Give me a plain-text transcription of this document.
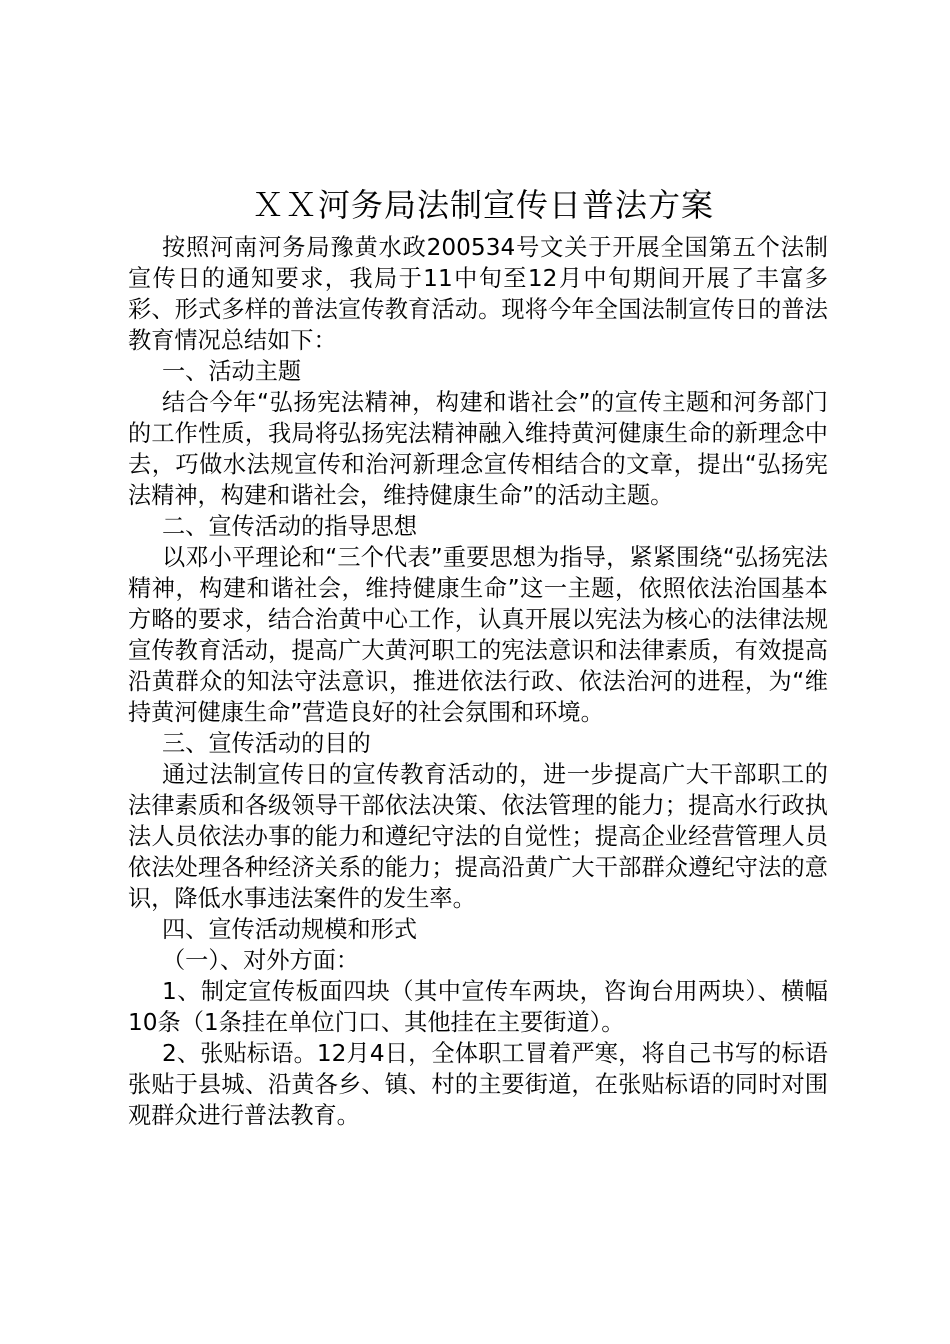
ＸＸ河务局法制宣传日普法方案

按照河南河务局豫黄水政200534号文关于开展全国第五个法制宣传日的通知要求，我局于11中旬至12月中旬期间开展了丰富多彩、形式多样的普法宣传教育活动。现将今年全国法制宣传日的普法教育情况总结如下：

一、活动主题

结合今年“弘扬宪法精神，构建和谐社会”的宣传主题和河务部门的工作性质，我局将弘扬宪法精神融入维持黄河健康生命的新理念中去，巧做水法规宣传和治河新理念宣传相结合的文章，提出“弘扬宪法精神，构建和谐社会，维持健康生命”的活动主题。

二、宣传活动的指导思想

以邓小平理论和“三个代表”重要思想为指导，紧紧围绕“弘扬宪法精神，构建和谐社会，维持健康生命”这一主题，依照依法治国基本方略的要求，结合治黄中心工作，认真开展以宪法为核心的法律法规宣传教育活动，提高广大黄河职工的宪法意识和法律素质，有效提高沿黄群众的知法守法意识，推进依法行政、依法治河的进程，为“维持黄河健康生命”营造良好的社会氛围和环境。

三、宣传活动的目的

通过法制宣传日的宣传教育活动的，进一步提高广大干部职工的法律素质和各级领导干部依法决策、依法管理的能力；提高水行政执法人员依法办事的能力和遵纪守法的自觉性；提高企业经营管理人员依法处理各种经济关系的能力；提高沿黄广大干部群众遵纪守法的意识，降低水事违法案件的发生率。

四、宣传活动规模和形式

（一）、对外方面：

1、制定宣传板面四块（其中宣传车两块，咨询台用两块）、横幅10条（1条挂在单位门口、其他挂在主要街道）。

2、张贴标语。12月4日，全体职工冒着严寒，将自己书写的标语张贴于县城、沿黄各乡、镇、村的主要街道，在张贴标语的同时对围观群众进行普法教育。
